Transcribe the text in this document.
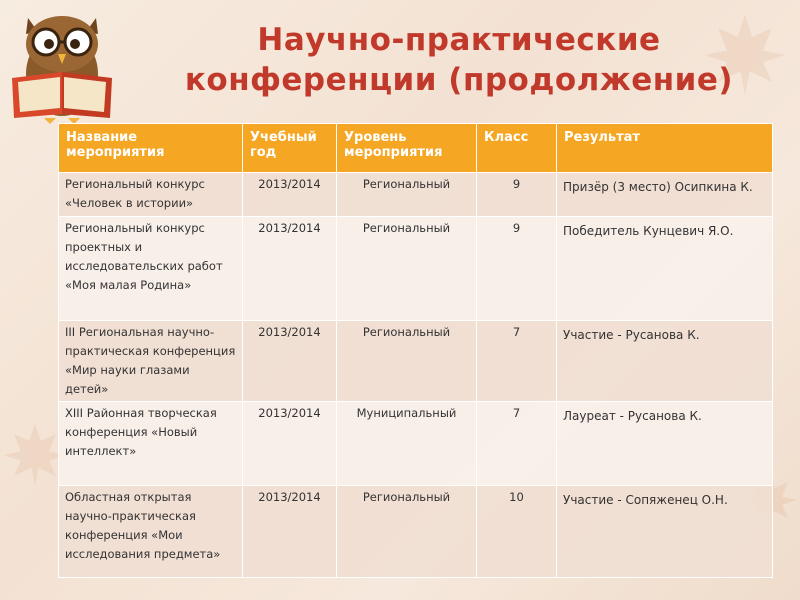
Научно-практические
конференции (продолжение)
Название мероприятия	Учебный год	Уровень мероприятия	Класс	Результат
Региональный конкурс «Человек в истории»	2013/2014	Региональный	9	Призёр (3 место) Осипкина К.
Региональный конкурс проектных и исследовательских работ «Моя малая Родина»	2013/2014	Региональный	9	Победитель Кунцевич Я.О.
III Региональная научно-практическая конференция «Мир науки глазами детей»	2013/2014	Региональный	7	Участие - Русанова К.
XIII Районная творческая конференция «Новый интеллект»	2013/2014	Муниципальный	7	Лауреат - Русанова К.
Областная открытая научно-практическая конференция «Мои исследования предмета»	2013/2014	Региональный	10	Участие - Сопяженец О.Н.
